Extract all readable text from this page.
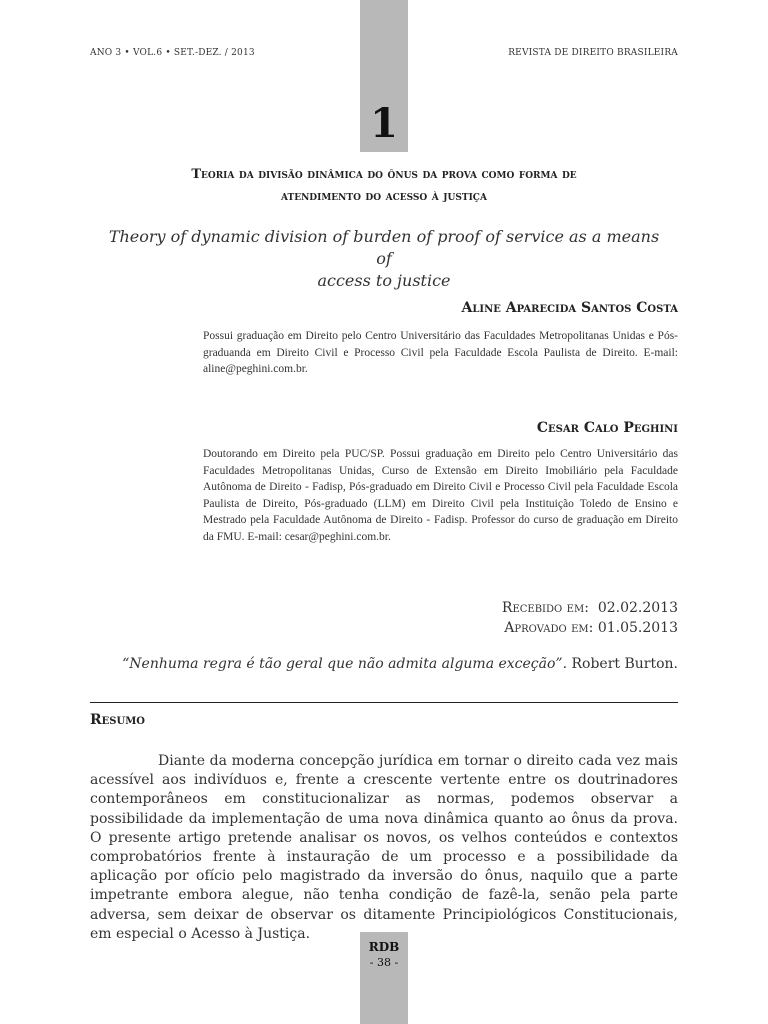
ANO 3 • VOL.6 • SET.-DEZ. / 2013	REVISTA DE DIREITO BRASILEIRA
1
Teoria da divisão dinâmica do ônus da prova como forma de
atendimento do acesso à justiça
Theory of dynamic division of burden of proof of service as a means of
access to justice
Aline Aparecida Santos Costa
Possui graduação em Direito pelo Centro Universitário das Faculdades Metropolitanas Unidas e Pós-graduanda em Direito Civil e Processo Civil pela Faculdade Escola Paulista de Direito. E-mail: aline@peghini.com.br.
Cesar Calo Peghini
Doutorando em Direito pela PUC/SP. Possui graduação em Direito pelo Centro Universitário das Faculdades Metropolitanas Unidas, Curso de Extensão em Direito Imobiliário pela Faculdade Autônoma de Direito - Fadisp, Pós-graduado em Direito Civil e Processo Civil pela Faculdade Escola Paulista de Direito, Pós-graduado (LLM) em Direito Civil pela Instituição Toledo de Ensino e Mestrado pela Faculdade Autônoma de Direito - Fadisp. Professor do curso de graduação em Direito da FMU. E-mail: cesar@peghini.com.br.
Recebido em: 02.02.2013
Aprovado em: 01.05.2013
“Nenhuma regra é tão geral que não admita alguma exceção”. Robert Burton.
Resumo
Diante da moderna concepção jurídica em tornar o direito cada vez mais acessível aos indivíduos e, frente a crescente vertente entre os doutrinadores contemporâneos em constitucionalizar as normas, podemos observar a possibilidade da implementação de uma nova dinâmica quanto ao ônus da prova. O presente artigo pretende analisar os novos, os velhos conteúdos e contextos comprobatórios frente à instauração de um processo e a possibilidade da aplicação por ofício pelo magistrado da inversão do ônus, naquilo que a parte impetrante embora alegue, não tenha condição de fazê-la, senão pela parte adversa, sem deixar de observar os ditamente Principiológicos Constitucionais, em especial o Acesso à Justiça.
RDB
- 38 -
